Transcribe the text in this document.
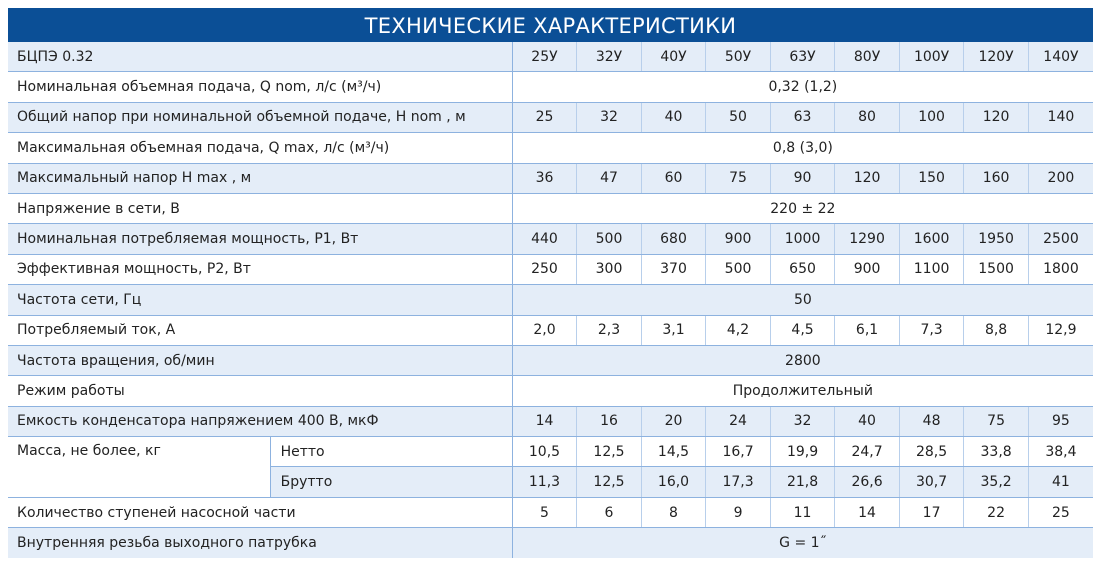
ТЕХНИЧЕСКИЕ ХАРАКТЕРИСТИКИ
БЦПЭ 0.32		25У	32У	40У	50У	63У	80У	100У	120У	140У
Номинальная объемная подача, Q nom, л/с (м³/ч)		0,32 (1,2)								
Общий напор при номинальной объемной подаче, H nom , м		25	32	40	50	63	80	100	120	140
Максимальная объемная подача, Q max, л/с (м³/ч)		0,8 (3,0)								
Максимальный напор H max , м		36	47	60	75	90	120	150	160	200
Напряжение в сети, В		220 ± 22								
Номинальная потребляемая мощность, P1, Вт		440	500	680	900	1000	1290	1600	1950	2500
Эффективная мощность, P2, Вт		250	300	370	500	650	900	1100	1500	1800
Частота сети, Гц		50								
Потребляемый ток, А		2,0	2,3	3,1	4,2	4,5	6,1	7,3	8,8	12,9
Частота вращения, об/мин		2800								
Режим работы		Продолжительный								
Емкость конденсатора напряжением 400 В, мкФ		14	16	20	24	32	40	48	75	95
Масса, не более, кг	Нетто	10,5	12,5	14,5	16,7	19,9	24,7	28,5	33,8	38,4
	Брутто	11,3	12,5	16,0	17,3	21,8	26,6	30,7	35,2	41
Количество ступеней насосной части		5	6	8	9	11	14	17	22	25
Внутренняя резьба выходного патрубка		G = 1˝								
